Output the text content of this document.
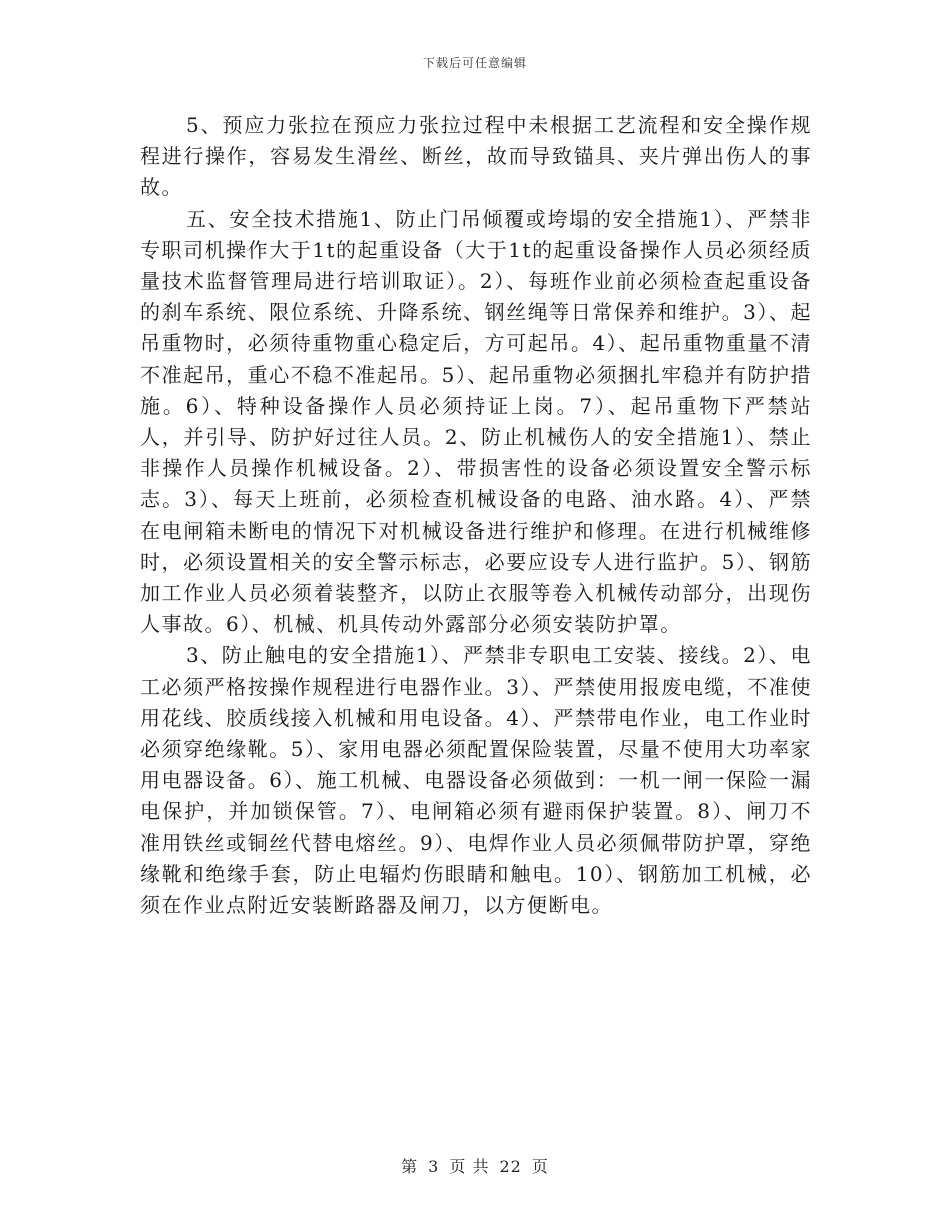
下载后可任意编辑

5、预应力张拉在预应力张拉过程中未根据工艺流程和安全操作规程进行操作，容易发生滑丝、断丝，故而导致锚具、夹片弹出伤人的事故。

五、安全技术措施1、防止门吊倾覆或垮塌的安全措施1）、严禁非专职司机操作大于1t的起重设备（大于1t的起重设备操作人员必须经质量技术监督管理局进行培训取证）。2）、每班作业前必须检查起重设备的刹车系统、限位系统、升降系统、钢丝绳等日常保养和维护。3）、起吊重物时，必须待重物重心稳定后，方可起吊。4）、起吊重物重量不清不准起吊，重心不稳不准起吊。5）、起吊重物必须捆扎牢稳并有防护措施。6）、特种设备操作人员必须持证上岗。7）、起吊重物下严禁站人，并引导、防护好过往人员。2、防止机械伤人的安全措施1）、禁止非操作人员操作机械设备。2）、带损害性的设备必须设置安全警示标志。3）、每天上班前，必须检查机械设备的电路、油水路。4）、严禁在电闸箱未断电的情况下对机械设备进行维护和修理。在进行机械维修时，必须设置相关的安全警示标志，必要应设专人进行监护。5）、钢筋加工作业人员必须着装整齐，以防止衣服等卷入机械传动部分，出现伤人事故。6）、机械、机具传动外露部分必须安装防护罩。

3、防止触电的安全措施1）、严禁非专职电工安装、接线。2）、电工必须严格按操作规程进行电器作业。3）、严禁使用报废电缆，不准使用花线、胶质线接入机械和用电设备。4）、严禁带电作业，电工作业时必须穿绝缘靴。5）、家用电器必须配置保险装置，尽量不使用大功率家用电器设备。6）、施工机械、电器设备必须做到：一机一闸一保险一漏电保护，并加锁保管。7）、电闸箱必须有避雨保护装置。8）、闸刀不准用铁丝或铜丝代替电熔丝。9）、电焊作业人员必须佩带防护罩，穿绝缘靴和绝缘手套，防止电辐灼伤眼睛和触电。10）、钢筋加工机械，必须在作业点附近安装断路器及闸刀，以方便断电。

第 3 页 共 22 页
